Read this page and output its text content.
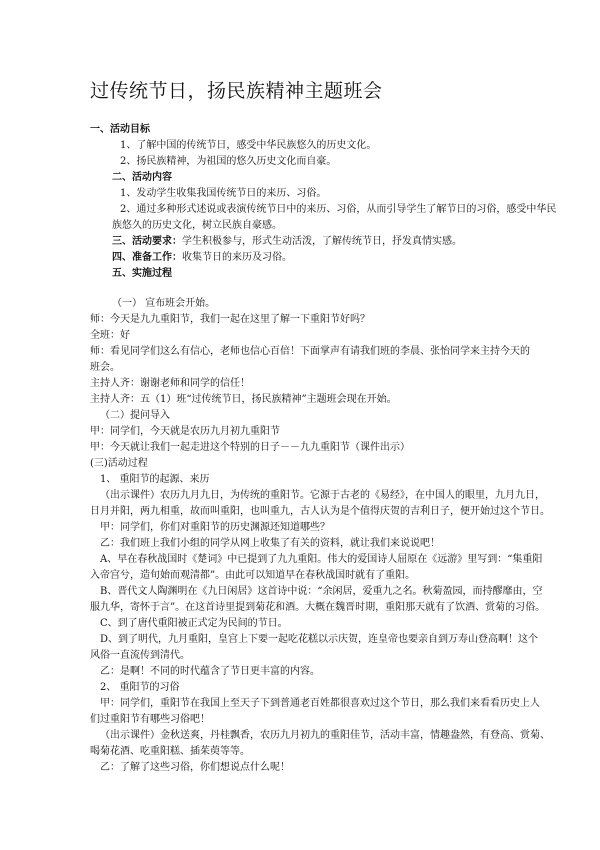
过传统节日，扬民族精神主题班会
一、活动目标
1、了解中国的传统节日，感受中华民族悠久的历史文化。
2、扬民族精神，为祖国的悠久历史文化而自豪。
二、活动内容
1、发动学生收集我国传统节日的来历、习俗。
2、通过多种形式述说或表演传统节日中的来历、习俗，从而引导学生了解节日的习俗，感受中华民
族悠久的历史文化，树立民族自豪感。
三、活动要求：学生积极参与，形式生动活泼，了解传统节日，抒发真情实感。
四、准备工作：收集节日的来历及习俗。
五、实施过程
（一） 宣布班会开始。
师：今天是九九重阳节，我们一起在这里了解一下重阳节好吗？
全班：好
师：看见同学们这么有信心，老师也信心百倍！下面掌声有请我们班的李晨、张怡同学来主持今天的
班会。
主持人齐：谢谢老师和同学的信任！
主持人齐：五（1）班“过传统节日，扬民族精神”主题班会现在开始。
（二）提问导入
甲：同学们，今天就是农历九月初九重阳节
甲：今天就让我们一起走进这个特别的日子－－九九重阳节（课件出示）
(三)活动过程
1、 重阳节的起源、来历
（出示课件）农历九月九日，为传统的重阳节。它源于古老的《易经》，在中国人的眼里，九月九日，
日月并阳，两九相重，故而叫重阳，也叫重九，古人认为是个值得庆贺的吉利日子，便开始过这个节日。
甲：同学们，你们对重阳节的历史渊源还知道哪些？
乙：我们班上我们小组的同学从网上收集了有关的资料，就让我们来说说吧！
A、早在春秋战国时《楚词》中已提到了九九重阳。伟大的爱国诗人屈原在《远游》里写到：“集重阳
入帝宫兮，造旬始而观清都”。由此可以知道早在春秋战国时就有了重阳。
B、晋代文人陶渊明在《九日闲居》这首诗中说：“余闲居，爱重九之名。秋菊盈园，而持醪靡由，空
服九华，寄怀于言”。在这首诗里提到菊花和酒。大概在魏晋时期，重阳那天就有了饮酒、赏菊的习俗。
C、到了唐代重阳被正式定为民间的节日。
D、到了明代，九月重阳，皇宫上下要一起吃花糕以示庆贺，连皇帝也要亲自到万寿山登高啊！这个
风俗一直流传到清代。
乙：是啊！不同的时代蕴含了节日更丰富的内容。
2、 重阳节的习俗
甲：同学们，重阳节在我国上至天子下到普通老百姓都很喜欢过这个节日，那么我们来看看历史上人
们过重阳节有哪些习俗吧！
（出示课件）金秋送爽，丹桂飘香，农历九月初九的重阳佳节，活动丰富，情趣盎然，有登高、赏菊、
喝菊花酒、吃重阳糕、插茱萸等等。
乙：了解了这些习俗，你们想说点什么呢！
